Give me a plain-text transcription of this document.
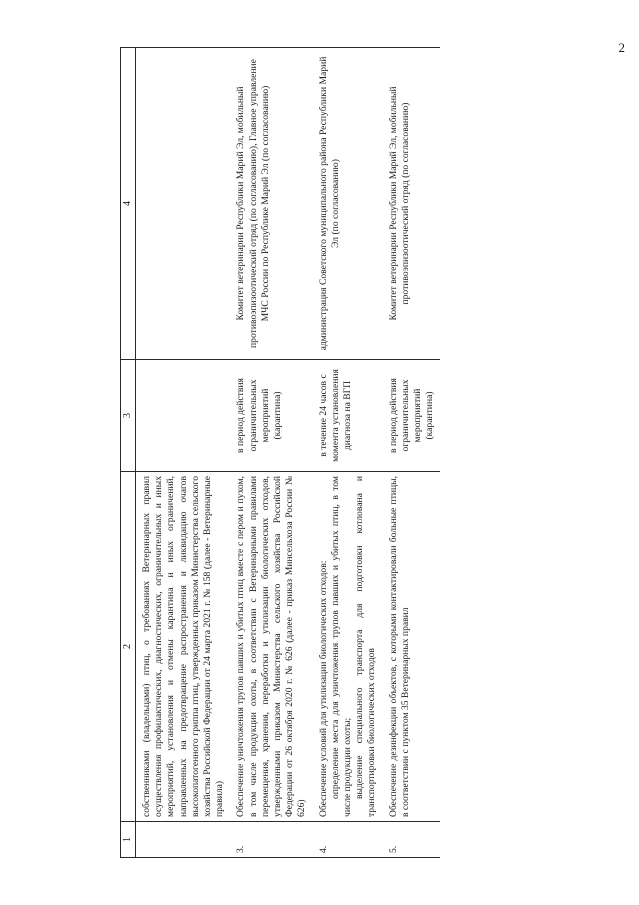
2
1	2	3	4
	собственниками (владельцами) птиц, о требованиях Ветеринарных правил осуществления профилактических, диагностических, ограничительных и иных мероприятий, установления и отмены карантина и иных ограничений, направленных на предотвращение распространения и ликвидацию очагов высокопатогенного гриппа птиц, утвержденных приказом Министерства сельского хозяйства Российской Федерации от 24 марта 2021 г. № 158 (далее - Ветеринарные правила)		
3.	Обеспечение уничтожения трупов павших и убитых птиц вместе с пером и пухом, в том числе продукции охоты, в соответствии с Ветеринарными правилами перемещения, хранения, переработки и утилизации биологических отходов, утвержденными приказом Министерства сельского хозяйства Российской Федерации от 26 октября 2020 г. № 626 (далее - приказ Минсельхоза России № 626)	в период действия ограничительных мероприятий (карантина)	Комитет ветеринарии Республики Марий Эл, мобильный противоэпизоотический отряд (по согласованию), Главное управление МЧС России по Республике Марий Эл (по согласованию)
4.	Обеспечение условий для утилизации биологических отходов: определение места для уничтожения трупов павших и убитых птиц, в том числе продукции охоты; выделение специального транспорта для подготовки котлована и транспортировки биологических отходов	в течение 24 часов с момента установления диагноза на ВГП	администрация Советского муниципального района Республики Марий Эл (по согласованию)
5.	Обеспечение дезинфекции объектов, с которыми контактировали больные птицы, в соответствии с пунктом 35 Ветеринарных правил	в период действия ограничительных мероприятий (карантина)	Комитет ветеринарии Республики Марий Эл, мобильный противоэпизоотический отряд (по согласованию)
